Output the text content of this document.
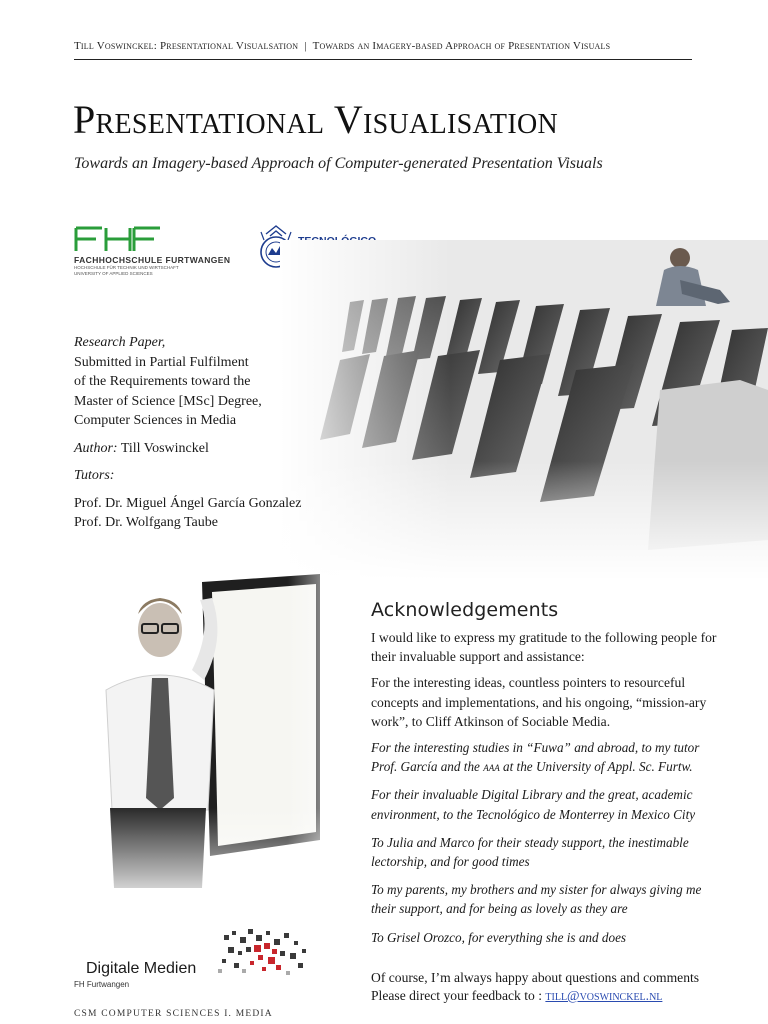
Till Voswinckel: Presentational Visualsation | Towards an Imagery-based Approach of Presentation Visuals
Presentational Visualisation

Towards an Imagery-based Approach of Computer-generated Presentation Visuals

FACHHOCHSCHULE FURTWANGEN
HOCHSCHULE FÜR TECHNIK UND WIRTSCHAFT
UNIVERSITY OF APPLIED SCIENCES

Research Paper,

Submitted in Partial Fulfilment

of the Requirements toward the

Master of Science [MSc] Degree,

Computer Sciences in Media

Author: Till Voswinckel

Tutors:

Prof. Dr. Miguel Ángel García Gonzalez

Prof. Dr. Wolfgang Taube

Digitale Medien
FH Furtwangen
CSM COMPUTER SCIENCES I. MEDIA
Acknowledgements

I would like to express my gratitude to the following people for their invaluable support and assistance:

For the interesting ideas, countless pointers to resourceful concepts and implementations, and his ongoing, “mission-ary work”, to Cliff Atkinson of Sociable Media.

For the interesting studies in “Fuwa” and abroad, to my tutor Prof. García and the aaa at the University of Appl. Sc. Furtw.

For their invaluable Digital Library and the great, academic environment, to the Tecnológico de Monterrey in Mexico City

To Julia and Marco for their steady support, the inestimable lectorship, and for good times

To my parents, my brothers and my sister for always giving me their support, and for being as lovely as they are

To Grisel Orozco, for everything she is and does

Of course, I’m always happy about questions and comments

Please direct your feedback to : till@voswinckel.nl
